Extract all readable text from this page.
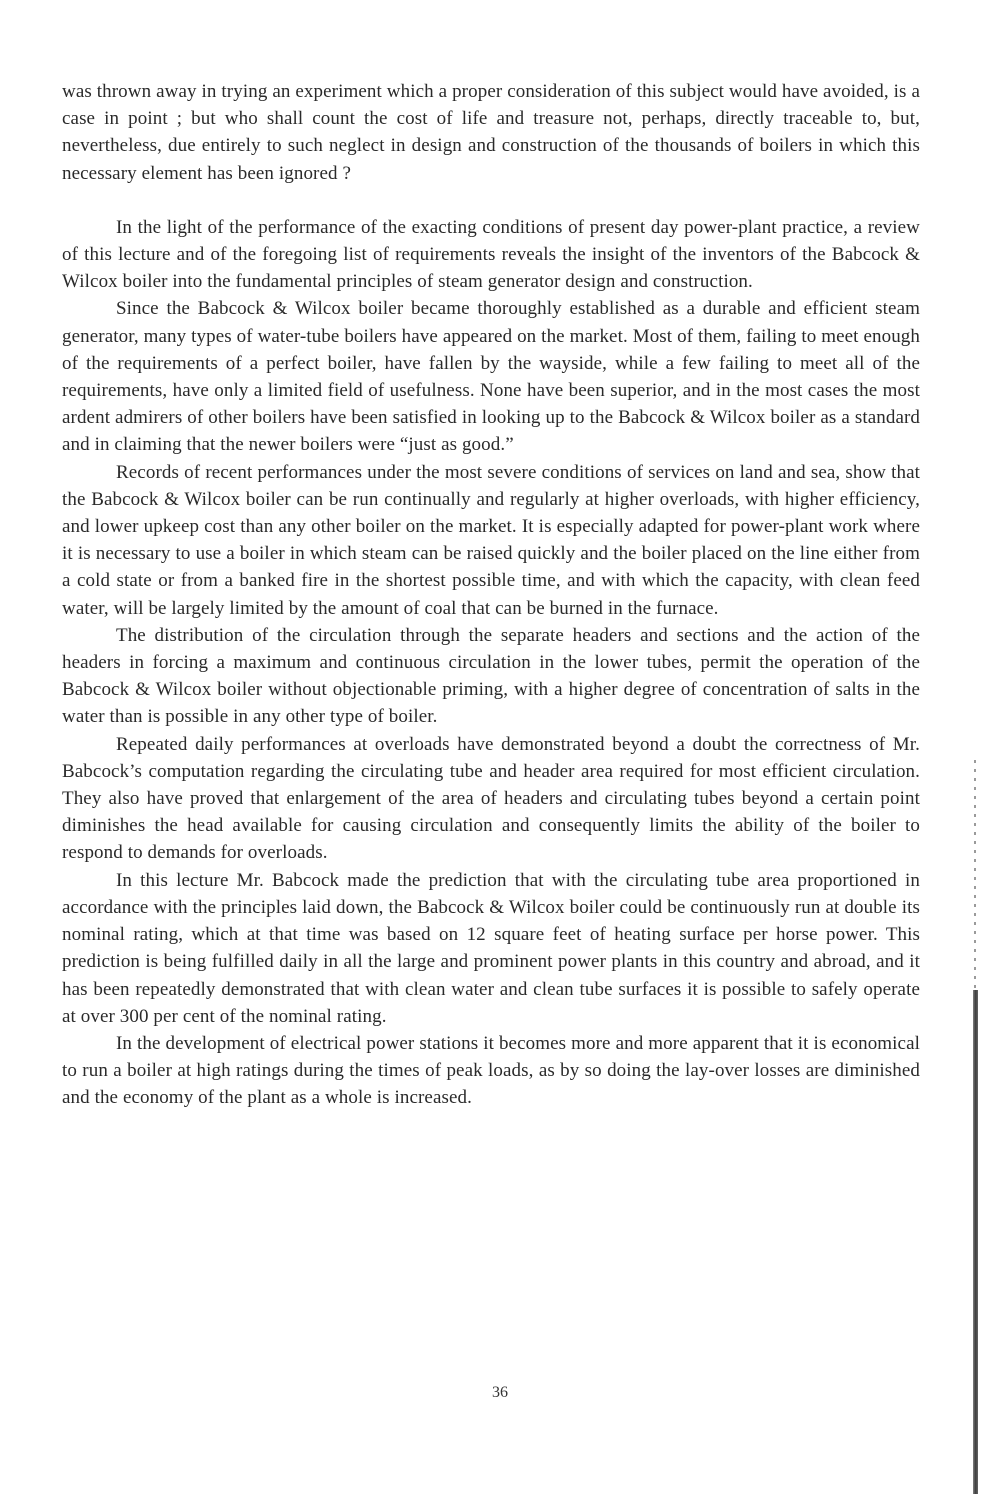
was thrown away in trying an experiment which a proper consideration of this subject would have avoided, is a case in point ; but who shall count the cost of life and treasure not, perhaps, directly traceable to, but, nevertheless, due entirely to such neglect in design and construction of the thousands of boilers in which this necessary element has been ignored ?

In the light of the performance of the exacting conditions of present day power-plant practice, a review of this lecture and of the foregoing list of requirements reveals the insight of the inventors of the Babcock & Wilcox boiler into the fundamental principles of steam generator design and construction.

Since the Babcock & Wilcox boiler became thoroughly established as a durable and efficient steam generator, many types of water-tube boilers have appeared on the market. Most of them, failing to meet enough of the requirements of a perfect boiler, have fallen by the wayside, while a few failing to meet all of the requirements, have only a limited field of usefulness. None have been superior, and in the most cases the most ardent admirers of other boilers have been satisfied in looking up to the Babcock & Wilcox boiler as a standard and in claiming that the newer boilers were “just as good.”

Records of recent performances under the most severe conditions of services on land and sea, show that the Babcock & Wilcox boiler can be run continually and regularly at higher overloads, with higher efficiency, and lower upkeep cost than any other boiler on the market. It is especially adapted for power-plant work where it is necessary to use a boiler in which steam can be raised quickly and the boiler placed on the line either from a cold state or from a banked fire in the shortest possible time, and with which the capacity, with clean feed water, will be largely limited by the amount of coal that can be burned in the furnace.

The distribution of the circulation through the separate headers and sections and the action of the headers in forcing a maximum and continuous circulation in the lower tubes, permit the operation of the Babcock & Wilcox boiler without objectionable priming, with a higher degree of concentration of salts in the water than is possible in any other type of boiler.

Repeated daily performances at overloads have demonstrated beyond a doubt the correctness of Mr. Babcock’s computation regarding the circulating tube and header area required for most efficient circulation. They also have proved that enlargement of the area of headers and circulating tubes beyond a certain point diminishes the head available for causing circulation and consequently limits the ability of the boiler to respond to demands for overloads.

In this lecture Mr. Babcock made the prediction that with the circulating tube area proportioned in accordance with the principles laid down, the Babcock & Wilcox boiler could be continuously run at double its nominal rating, which at that time was based on 12 square feet of heating surface per horse power. This prediction is being fulfilled daily in all the large and prominent power plants in this country and abroad, and it has been repeatedly demonstrated that with clean water and clean tube surfaces it is possible to safely operate at over 300 per cent of the nominal rating.

In the development of electrical power stations it becomes more and more apparent that it is economical to run a boiler at high ratings during the times of peak loads, as by so doing the lay-over losses are diminished and the economy of the plant as a whole is increased.

36
